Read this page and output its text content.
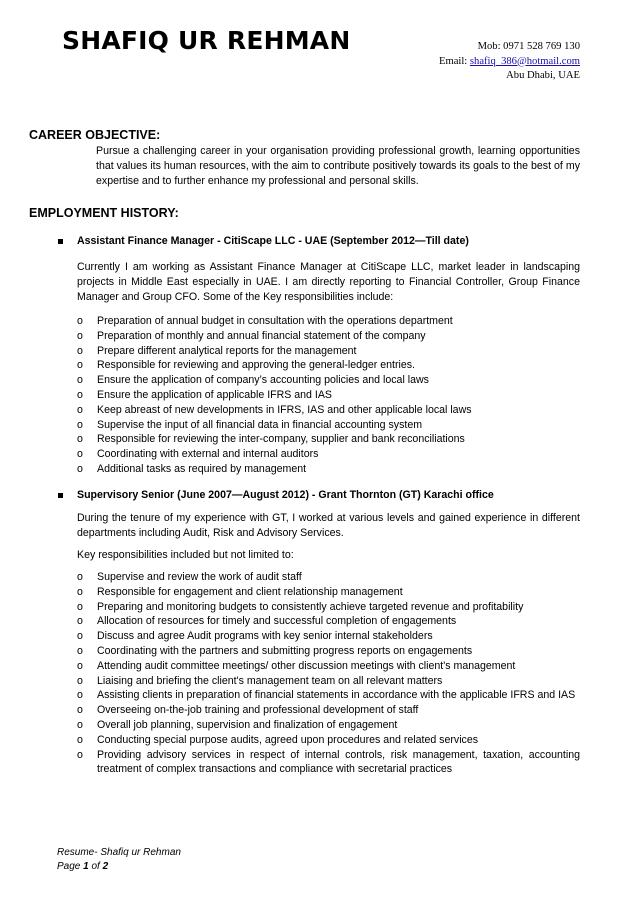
SHAFIQ UR REHMAN	Mob: 0971 528 769 130
Email: shafiq_386@hotmail.com
Abu Dhabi, UAE
CAREER OBJECTIVE:

Pursue a challenging career in your organisation providing professional growth, learning opportunities that values its human resources, with the aim to contribute positively towards its goals to the best of my expertise and to further enhance my professional and personal skills.

EMPLOYMENT HISTORY:

Assistant Finance Manager - CitiScape LLC - UAE (September 2012—Till date)

Currently I am working as Assistant Finance Manager at CitiScape LLC, market leader in landscaping projects in Middle East especially in UAE. I am directly reporting to Financial Controller, Group Finance Manager and Group CFO. Some of the Key responsibilities include:

o Preparation of annual budget in consultation with the operations department
o Preparation of monthly and annual financial statement of the company
o Prepare different analytical reports for the management
o Responsible for reviewing and approving the general-ledger entries.
o Ensure the application of company’s accounting policies and local laws
o Ensure the application of applicable IFRS and IAS
o Keep abreast of new developments in IFRS, IAS and other applicable local laws
o Supervise the input of all financial data in financial accounting system
o Responsible for reviewing the inter-company, supplier and bank reconciliations
o Coordinating with external and internal auditors
o Additional tasks as required by management

Supervisory Senior (June 2007—August 2012) - Grant Thornton (GT) Karachi office

During the tenure of my experience with GT, I worked at various levels and gained experience in different departments including Audit, Risk and Advisory Services.

Key responsibilities included but not limited to:

o Supervise and review the work of audit staff
o Responsible for engagement and client relationship management
o Preparing and monitoring budgets to consistently achieve targeted revenue and profitability
o Allocation of resources for timely and successful completion of engagements
o Discuss and agree Audit programs with key senior internal stakeholders
o Coordinating with the partners and submitting progress reports on engagements
o Attending audit committee meetings/ other discussion meetings with client's management
o Liaising and briefing the client's management team on all relevant matters
o Assisting clients in preparation of financial statements in accordance with the applicable IFRS and IAS
o Overseeing on-the-job training and professional development of staff
o Overall job planning, supervision and finalization of engagement
o Conducting special purpose audits, agreed upon procedures and related services
o Providing advisory services in respect of internal controls, risk management, taxation, accounting treatment of complex transactions and compliance with secretarial practices
Resume- Shafiq ur Rehman
Page 1 of 2
